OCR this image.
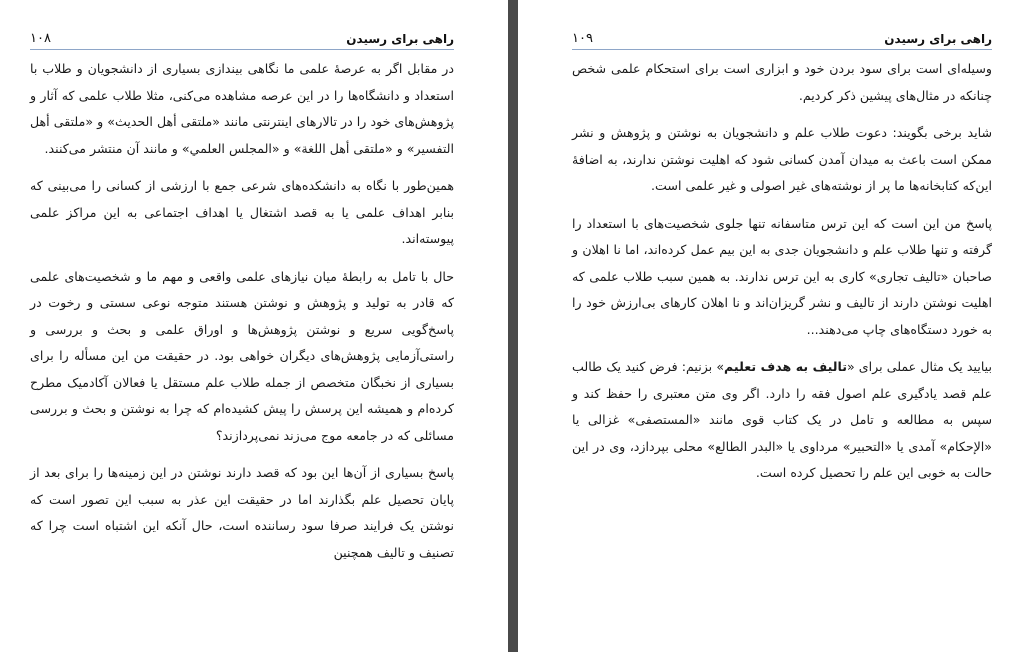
راهی برای رسیدن
۱۰۸

در مقابل اگر به عرصهٔ علمی ما نگاهی بیندازی بسیاری از دانشجویان و طلاب با استعداد و دانشگاه‌ها را در این عرصه مشاهده می‌کنی، مثلا طلاب علمی که آثار و پژوهش‌های خود را در تالارهای اینترنتی مانند «ملتقى أهل الحديث» و «ملتقى أهل التفسير» و «ملتقى أهل اللغة» و «المجلس العلمي» و مانند آن منتشر می‌کنند.

همین‌طور با نگاه به دانشکده‌های شرعی جمع با ارزشی از کسانی را می‌بینی که بنابر اهداف علمی یا به قصد اشتغال یا اهداف اجتماعی به این مراکز علمی پیوسته‌اند.

حال با تامل به رابطهٔ میان نیازهای علمی واقعی و مهم ما و شخصیت‌های علمی که قادر به تولید و پژوهش و نوشتن هستند متوجه نوعی سستی و رخوت در پاسخ‌گویی سریع و نوشتن پژوهش‌ها و اوراق علمی و بحث و بررسی و راستی‌آزمایی پژوهش‌های دیگران خواهی بود. در حقیقت من این مسأله را برای بسیاری از نخبگان متخصص از جمله طلاب علم مستقل یا فعالان آکادمیک مطرح کرده‌ام و همیشه این پرسش را پیش کشیده‌ام که چرا به نوشتن و بحث و بررسی مسائلی که در جامعه موج می‌زند نمی‌پردازند؟

پاسخ بسیاری از آن‌ها این بود که قصد دارند نوشتن در این زمینه‌ها را برای بعد از پایان تحصیل علم بگذارند اما در حقیقت این عذر به سبب این تصور است که نوشتن یک فرایند صرفا سود رساننده است، حال آنکه این اشتباه است چرا که تصنیف و تالیف همچنین

راهی برای رسیدن
۱۰۹

وسیله‌ای است برای سود بردن خود و ابزاری است برای استحکام علمی شخص چنانکه در مثال‌های پیشین ذکر کردیم.

شاید برخی بگویند: دعوت طلاب علم و دانشجویان به نوشتن و پژوهش و نشر ممکن است باعث به میدان آمدن کسانی شود که اهلیت نوشتن ندارند، به اضافهٔ این‌که کتابخانه‌ها ما پر از نوشته‌های غیر اصولی و غیر علمی است.

پاسخ من این است که این ترس متاسفانه تنها جلوی شخصیت‌های با استعداد را گرفته و تنها طلاب علم و دانشجویان جدی به این بیم عمل کرده‌اند، اما نا اهلان و صاحبان «تالیف تجاری» کاری به این ترس ندارند. به همین سبب طلاب علمی که اهلیت نوشتن دارند از تالیف و نشر گریزان‌اند و نا اهلان کارهای بی‌ارزش خود را به خورد دستگاه‌های چاپ می‌دهند...

بیایید یک مثال عملی برای «تالیف به هدف تعلیم» بزنیم: فرض کنید یک طالب علم قصد یادگیری علم اصول فقه را دارد. اگر وی متن معتبری را حفظ کند و سپس به مطالعه و تامل در یک کتاب قوی مانند «المستصفی» غزالی یا «الإحکام» آمدی یا «التحبیر» مرداوی یا «البدر الطالع» محلی بپردازد، وی در این حالت به خوبی این علم را تحصیل کرده است.
